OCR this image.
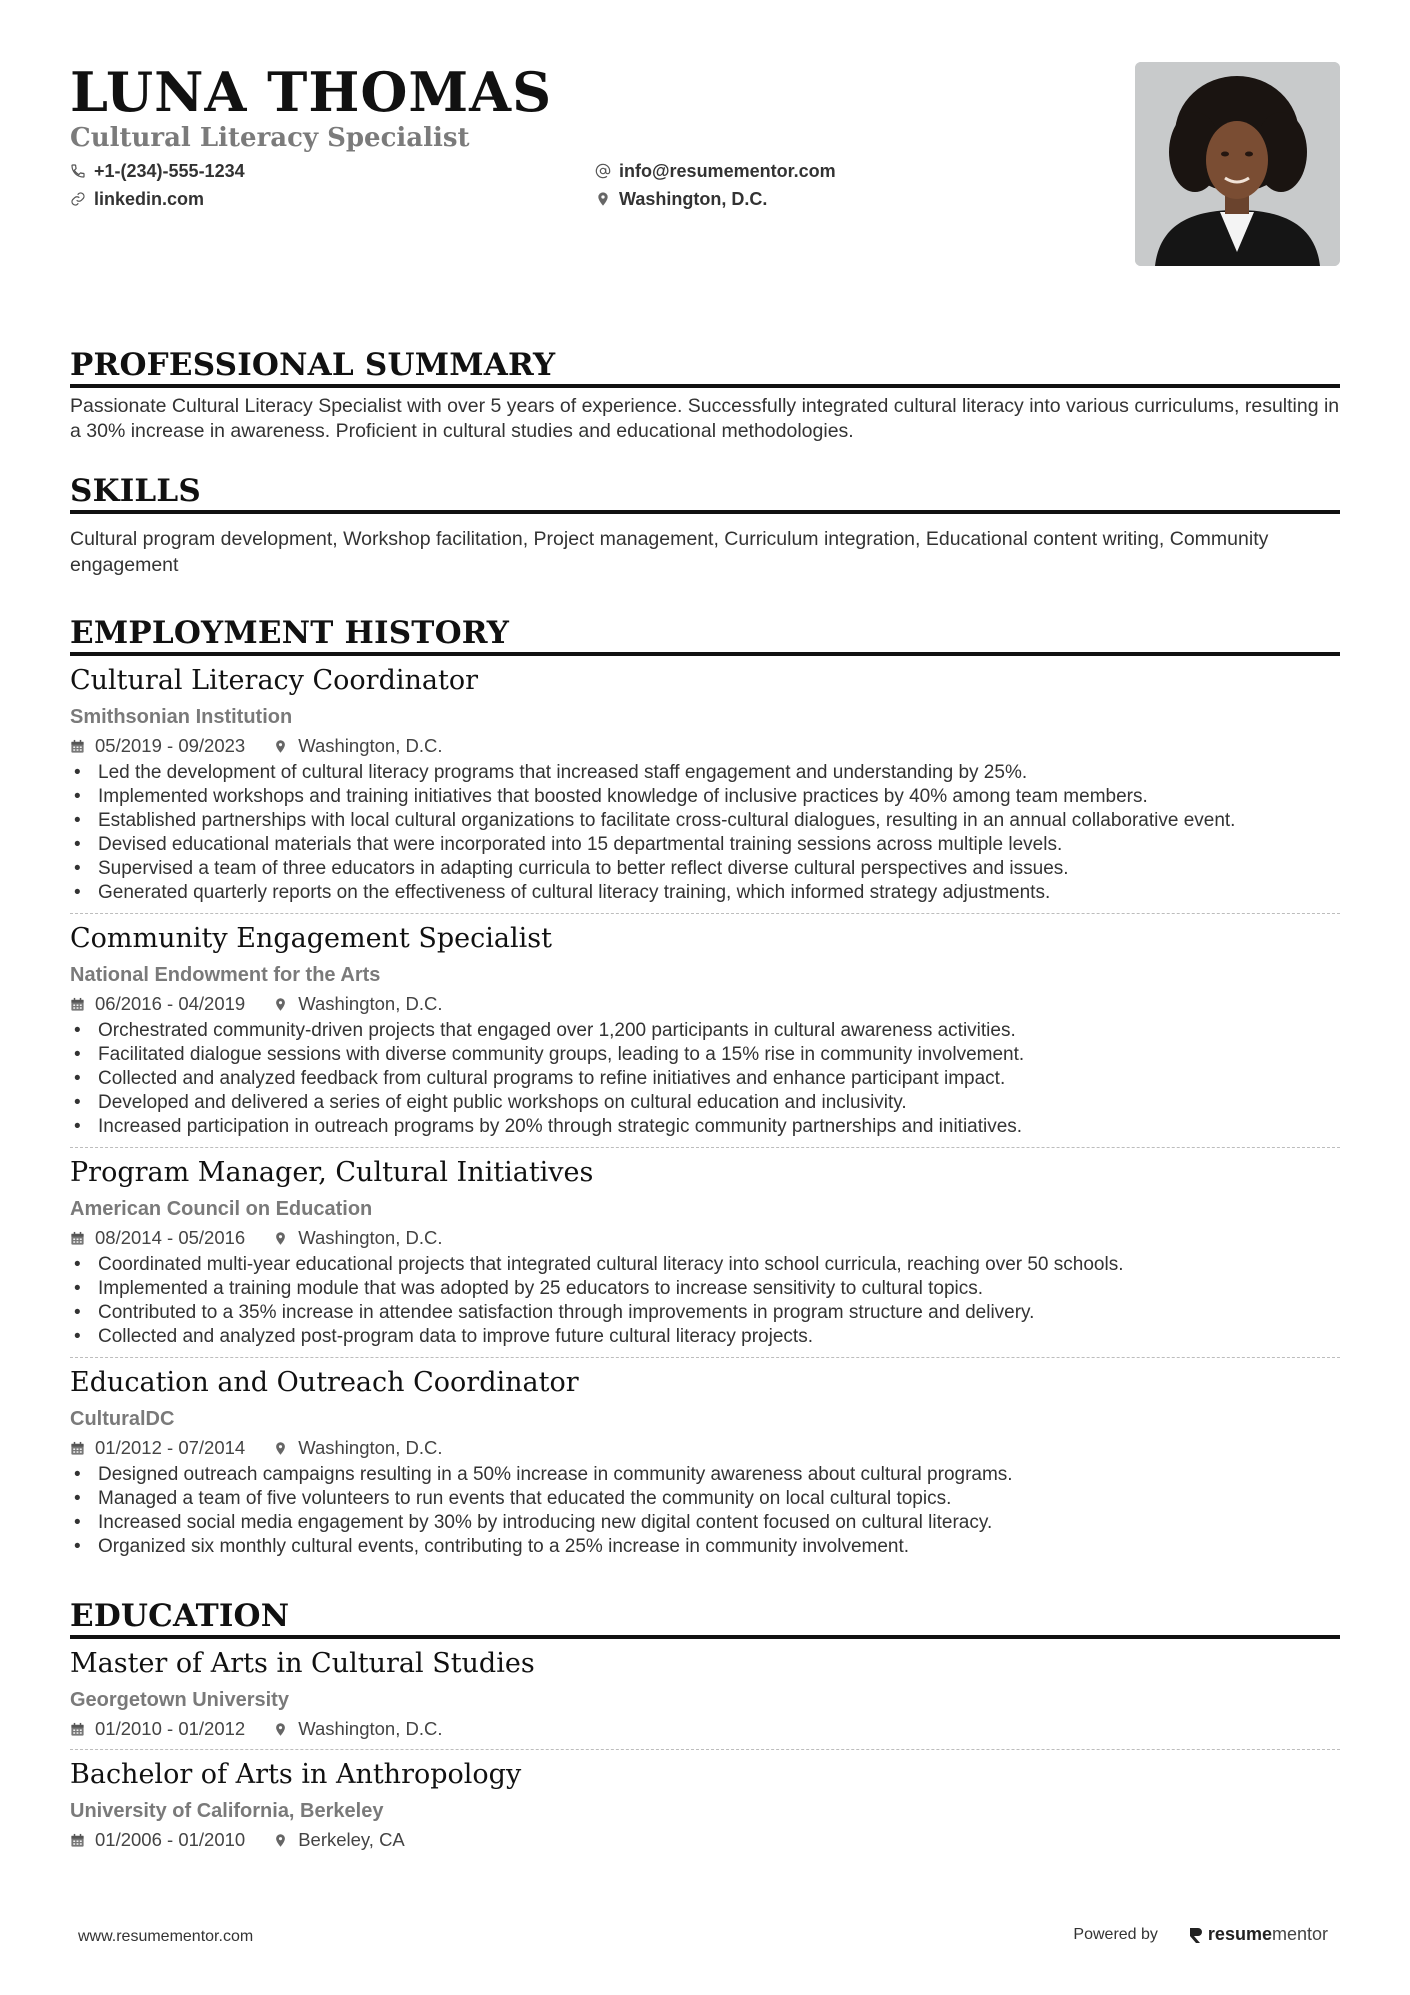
LUNA THOMAS
Cultural Literacy Specialist
+1-(234)-555-1234	info@resumementor.com
linkedin.com	Washington, D.C.
PROFESSIONAL SUMMARY
Passionate Cultural Literacy Specialist with over 5 years of experience. Successfully integrated cultural literacy into various curriculums, resulting in a 30% increase in awareness. Proficient in cultural studies and educational methodologies.
SKILLS
Cultural program development, Workshop facilitation, Project management, Curriculum integration, Educational content writing, Community engagement
EMPLOYMENT HISTORY
Cultural Literacy Coordinator
Smithsonian Institution
05/2019 - 09/2023	Washington, D.C.
• Led the development of cultural literacy programs that increased staff engagement and understanding by 25%.
• Implemented workshops and training initiatives that boosted knowledge of inclusive practices by 40% among team members.
• Established partnerships with local cultural organizations to facilitate cross-cultural dialogues, resulting in an annual collaborative event.
• Devised educational materials that were incorporated into 15 departmental training sessions across multiple levels.
• Supervised a team of three educators in adapting curricula to better reflect diverse cultural perspectives and issues.
• Generated quarterly reports on the effectiveness of cultural literacy training, which informed strategy adjustments.
Community Engagement Specialist
National Endowment for the Arts
06/2016 - 04/2019	Washington, D.C.
• Orchestrated community-driven projects that engaged over 1,200 participants in cultural awareness activities.
• Facilitated dialogue sessions with diverse community groups, leading to a 15% rise in community involvement.
• Collected and analyzed feedback from cultural programs to refine initiatives and enhance participant impact.
• Developed and delivered a series of eight public workshops on cultural education and inclusivity.
• Increased participation in outreach programs by 20% through strategic community partnerships and initiatives.
Program Manager, Cultural Initiatives
American Council on Education
08/2014 - 05/2016	Washington, D.C.
• Coordinated multi-year educational projects that integrated cultural literacy into school curricula, reaching over 50 schools.
• Implemented a training module that was adopted by 25 educators to increase sensitivity to cultural topics.
• Contributed to a 35% increase in attendee satisfaction through improvements in program structure and delivery.
• Collected and analyzed post-program data to improve future cultural literacy projects.
Education and Outreach Coordinator
CulturalDC
01/2012 - 07/2014	Washington, D.C.
• Designed outreach campaigns resulting in a 50% increase in community awareness about cultural programs.
• Managed a team of five volunteers to run events that educated the community on local cultural topics.
• Increased social media engagement by 30% by introducing new digital content focused on cultural literacy.
• Organized six monthly cultural events, contributing to a 25% increase in community involvement.
EDUCATION
Master of Arts in Cultural Studies
Georgetown University
01/2010 - 01/2012	Washington, D.C.
Bachelor of Arts in Anthropology
University of California, Berkeley
01/2006 - 01/2010	Berkeley, CA
www.resumementor.com	Powered by	resume mentor
